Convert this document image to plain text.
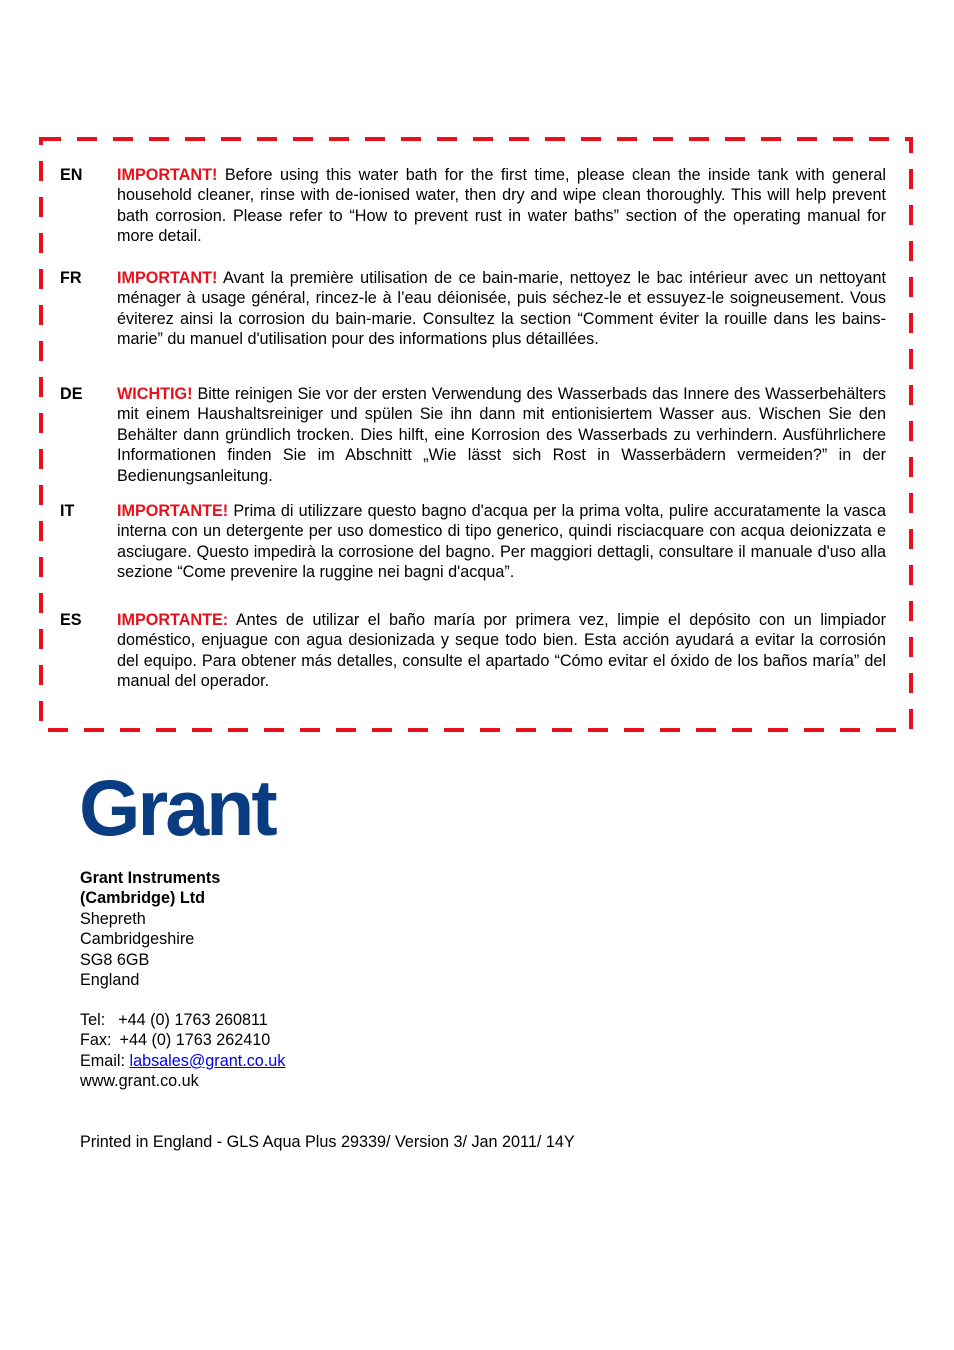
EN IMPORTANT! Before using this water bath for the first time, please clean the inside tank with general household cleaner, rinse with de-ionised water, then dry and wipe clean thoroughly. This will help prevent bath corrosion. Please refer to “How to prevent rust in water baths” section of the operating manual for more detail.
FR IMPORTANT! Avant la première utilisation de ce bain-marie, nettoyez le bac intérieur avec un nettoyant ménager à usage général, rincez-le à l’eau déionisée, puis séchez-le et essuyez-le soigneusement. Vous éviterez ainsi la corrosion du bain-marie. Consultez la section “Comment éviter la rouille dans les bains-marie” du manuel d'utilisation pour des informations plus détaillées.
DE WICHTIG! Bitte reinigen Sie vor der ersten Verwendung des Wasserbads das Innere des Wasserbehälters mit einem Haushaltsreiniger und spülen Sie ihn dann mit entionisiertem Wasser aus. Wischen Sie den Behälter dann gründlich trocken. Dies hilft, eine Korrosion des Wasserbads zu verhindern. Ausführlichere Informationen finden Sie im Abschnitt „Wie lässt sich Rost in Wasserbädern vermeiden?” in der Bedienungsanleitung.
IT	IMPORTANTE! Prima di utilizzare questo bagno d'acqua per la prima volta, pulire accuratamente la vasca interna con un detergente per uso domestico di tipo generico, quindi risciacquare con acqua deionizzata e asciugare. Questo impedirà la corrosione del bagno. Per maggiori dettagli, consultare il manuale d'uso alla sezione “Come prevenire la ruggine nei bagni d'acqua”.
ES IMPORTANTE: Antes de utilizar el baño maría por primera vez, limpie el depósito con un limpiador doméstico, enjuague con agua desionizada y seque todo bien. Esta acción ayudará a evitar la corrosión del equipo. Para obtener más detalles, consulte el apartado “Cómo evitar el óxido de los baños maría” del manual del operador.
Grant
Grant Instruments
(Cambridge) Ltd
Shepreth
Cambridgeshire
SG8 6GB
England
Tel: +44 (0) 1763 260811
Fax: +44 (0) 1763 262410
Email: labsales@grant.co.uk
www.grant.co.uk
Printed in England - GLS Aqua Plus 29339/ Version 3/ Jan 2011/ 14Y
